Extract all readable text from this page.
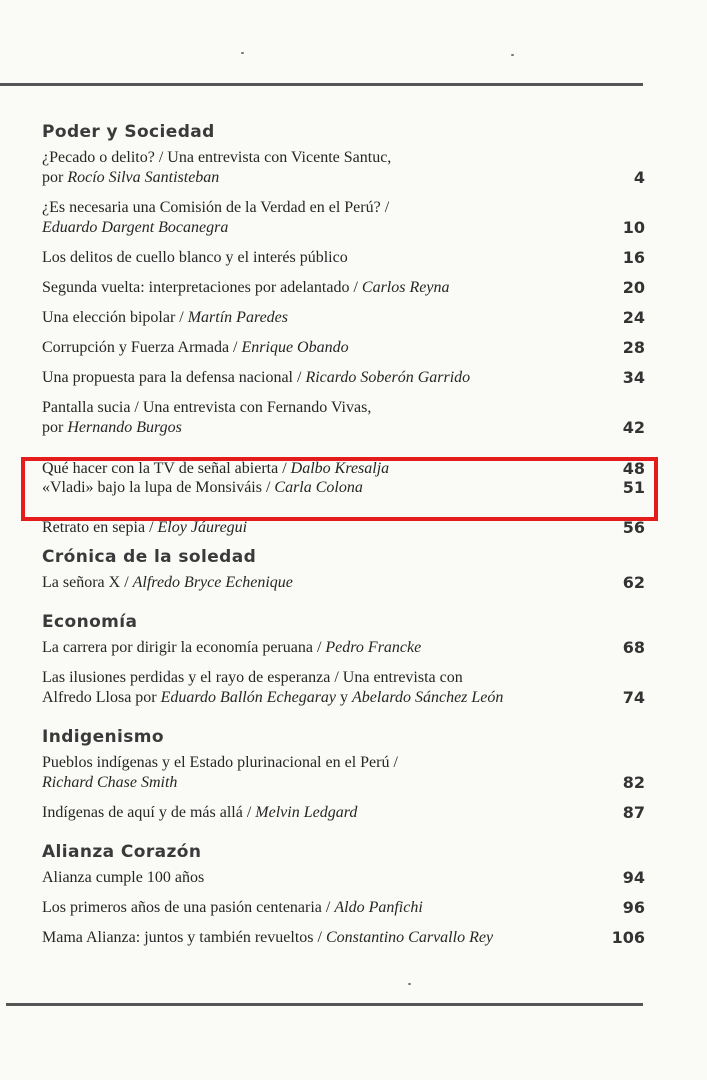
Poder y Sociedad
¿Pecado o delito? / Una entrevista con Vicente Santuc,
por Rocío Silva Santisteban	4
¿Es necesaria una Comisión de la Verdad en el Perú? /
Eduardo Dargent Bocanegra	10
Los delitos de cuello blanco y el interés público	16
Segunda vuelta: interpretaciones por adelantado / Carlos Reyna	20
Una elección bipolar / Martín Paredes	24
Corrupción y Fuerza Armada / Enrique Obando	28
Una propuesta para la defensa nacional / Ricardo Soberón Garrido	34
Pantalla sucia / Una entrevista con Fernando Vivas,
por Hernando Burgos	42
Qué hacer con la TV de señal abierta / Dalbo Kresalja	48
«Vladi» bajo la lupa de Monsiváis / Carla Colona	51
Retrato en sepia / Eloy Jáuregui	56
Crónica de la soledad
La señora X / Alfredo Bryce Echenique	62
Economía
La carrera por dirigir la economía peruana / Pedro Francke	68
Las ilusiones perdidas y el rayo de esperanza / Una entrevista con
Alfredo Llosa por Eduardo Ballón Echegaray y Abelardo Sánchez León	74
Indigenismo
Pueblos indígenas y el Estado plurinacional en el Perú /
Richard Chase Smith	82
Indígenas de aquí y de más allá / Melvin Ledgard	87
Alianza Corazón
Alianza cumple 100 años	94
Los primeros años de una pasión centenaria / Aldo Panfichi	96
Mama Alianza: juntos y también revueltos / Constantino Carvallo Rey	106
